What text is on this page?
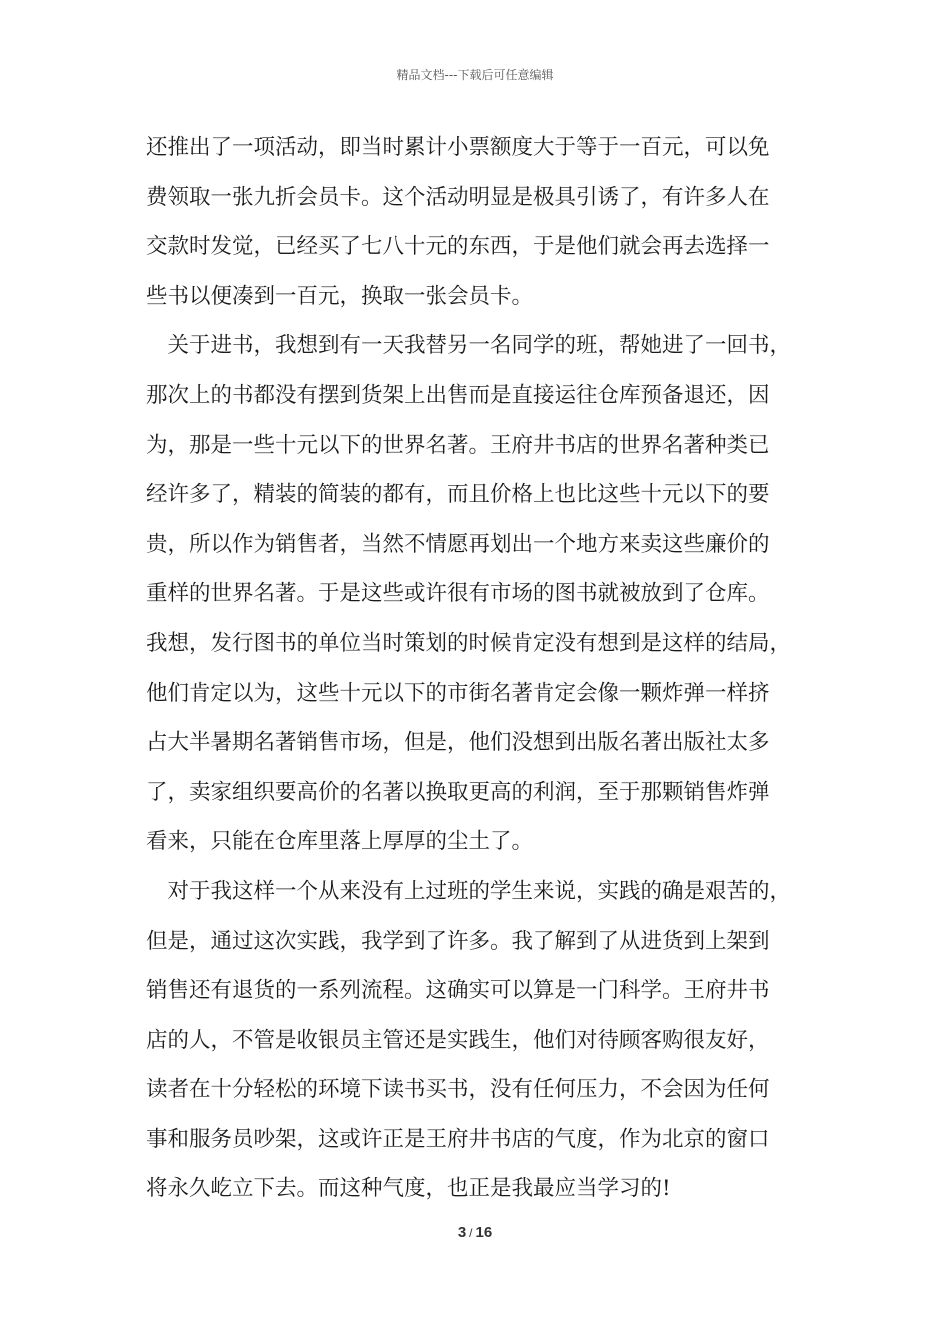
精品文档---下载后可任意编辑
还推出了一项活动，即当时累计小票额度大于等于一百元，可以免
费领取一张九折会员卡。这个活动明显是极具引诱了，有许多人在
交款时发觉，已经买了七八十元的东西，于是他们就会再去选择一
些书以便凑到一百元，换取一张会员卡。
　关于进书，我想到有一天我替另一名同学的班，帮她进了一回书，
那次上的书都没有摆到货架上出售而是直接运往仓库预备退还，因
为，那是一些十元以下的世界名著。王府井书店的世界名著种类已
经许多了，精装的简装的都有，而且价格上也比这些十元以下的要
贵，所以作为销售者，当然不情愿再划出一个地方来卖这些廉价的
重样的世界名著。于是这些或许很有市场的图书就被放到了仓库。
我想，发行图书的单位当时策划的时候肯定没有想到是这样的结局，
他们肯定以为，这些十元以下的市街名著肯定会像一颗炸弹一样挤
占大半暑期名著销售市场，但是，他们没想到出版名著出版社太多
了，卖家组织要高价的名著以换取更高的利润，至于那颗销售炸弹
看来，只能在仓库里落上厚厚的尘土了。
　对于我这样一个从来没有上过班的学生来说，实践的确是艰苦的，
但是，通过这次实践，我学到了许多。我了解到了从进货到上架到
销售还有退货的一系列流程。这确实可以算是一门科学。王府井书
店的人，不管是收银员主管还是实践生，他们对待顾客购很友好，
读者在十分轻松的环境下读书买书，没有任何压力，不会因为任何
事和服务员吵架，这或许正是王府井书店的气度，作为北京的窗口
将永久屹立下去。而这种气度，也正是我最应当学习的!
3 / 16
